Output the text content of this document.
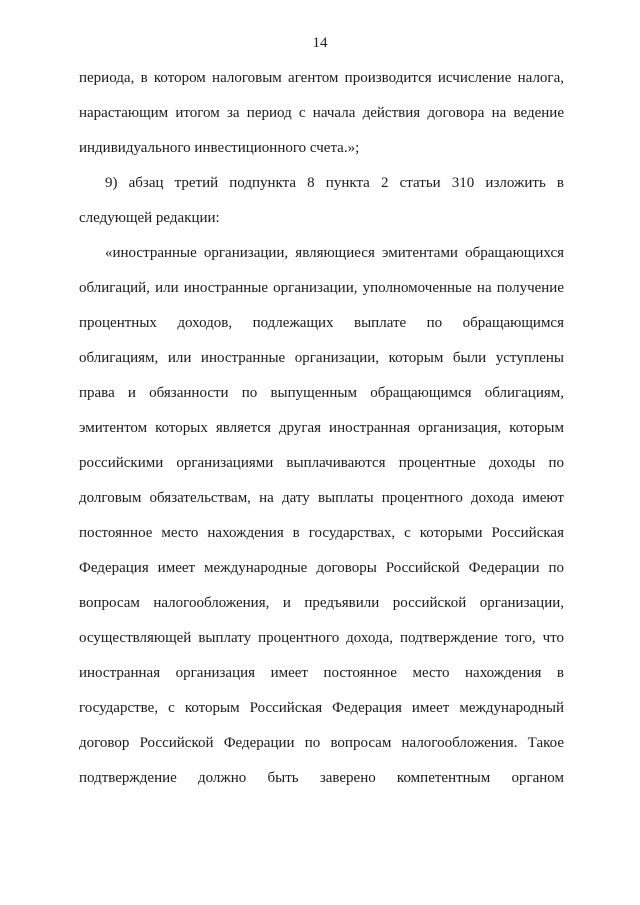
14
периода, в котором налоговым агентом производится исчисление налога,
нарастающим итогом за период с начала действия договора на ведение
индивидуального инвестиционного счета.»;
9) абзац третий подпункта 8 пункта 2 статьи 310 изложить в
следующей редакции:
«иностранные организации, являющиеся эмитентами обращающихся
облигаций, или иностранные организации, уполномоченные на получение
процентных доходов, подлежащих выплате по обращающимся
облигациям, или иностранные организации, которым были уступлены
права и обязанности по выпущенным обращающимся облигациям,
эмитентом которых является другая иностранная организация, которым
российскими организациями выплачиваются процентные доходы по
долговым обязательствам, на дату выплаты процентного дохода имеют
постоянное место нахождения в государствах, с которыми Российская
Федерация имеет международные договоры Российской Федерации по
вопросам налогообложения, и предъявили российской организации,
осуществляющей выплату процентного дохода, подтверждение того, что
иностранная организация имеет постоянное место нахождения в
государстве, с которым Российская Федерация имеет международный
договор Российской Федерации по вопросам налогообложения. Такое
подтверждение должно быть заверено компетентным органом
